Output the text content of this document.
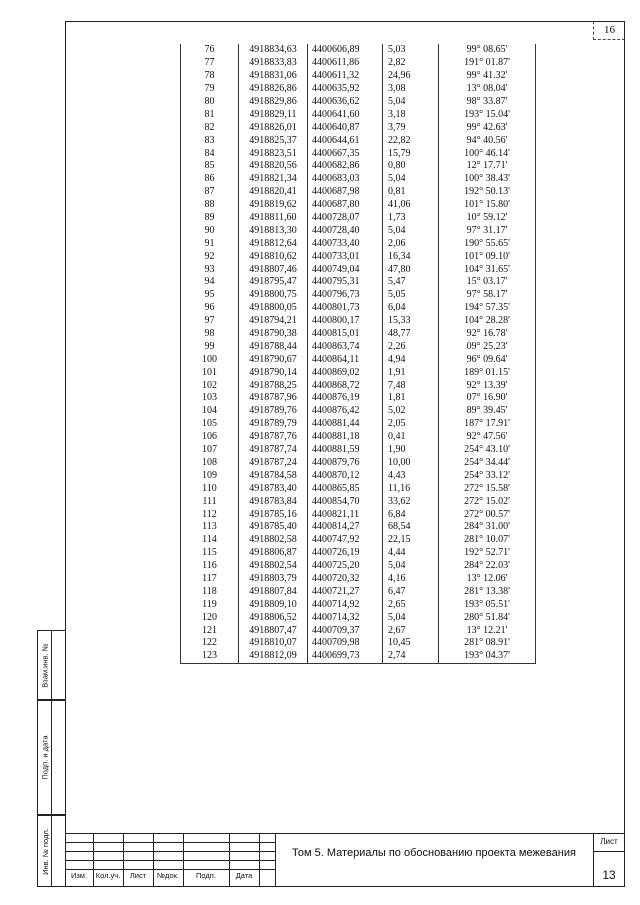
16
Взам.инв. №
Подп. и дата
Инв. № подл.
76	4918834,63	4400606,89	5,03	99° 08.65'
77	4918833,83	4400611,86	2,82	191° 01.87'
78	4918831,06	4400611,32	24,96	99° 41.32'
79	4918826,86	4400635,92	3,08	13° 08.04'
80	4918829,86	4400636,62	5,04	98° 33.87'
81	4918829,11	4400641,60	3,18	193° 15.04'
82	4918826,01	4400640,87	3,79	99° 42.63'
83	4918825,37	4400644,61	22,82	94° 40.56'
84	4918823,51	4400667,35	15,79	100° 46.14'
85	4918820,56	4400682,86	0,80	12° 17.71'
86	4918821,34	4400683,03	5,04	100° 38.43'
87	4918820,41	4400687,98	0,81	192° 50.13'
88	4918819,62	4400687,80	41,06	101° 15.80'
89	4918811,60	4400728,07	1,73	10° 59.12'
90	4918813,30	4400728,40	5,04	97° 31.17'
91	4918812,64	4400733,40	2,06	190° 55.65'
92	4918810,62	4400733,01	16,34	101° 09.10'
93	4918807,46	4400749,04	47,80	104° 31.65'
94	4918795,47	4400795,31	5,47	15° 03.17'
95	4918800,75	4400796,73	5,05	97° 58.17'
96	4918800,05	4400801,73	6,04	194° 57.35'
97	4918794,21	4400800,17	15,33	104° 28.28'
98	4918790,38	4400815,01	48,77	92° 16.78'
99	4918788,44	4400863,74	2,26	09° 25.23'
100	4918790,67	4400864,11	4,94	96° 09.64'
101	4918790,14	4400869,02	1,91	189° 01.15'
102	4918788,25	4400868,72	7,48	92° 13.39'
103	4918787,96	4400876,19	1,81	07° 16.90'
104	4918789,76	4400876,42	5,02	89° 39.45'
105	4918789,79	4400881,44	2,05	187° 17.91'
106	4918787,76	4400881,18	0,41	92° 47.56'
107	4918787,74	4400881,59	1,90	254° 43.10'
108	4918787,24	4400879,76	10,00	254° 34.44'
109	4918784,58	4400870,12	4,43	254° 33.12'
110	4918783,40	4400865,85	11,16	272° 15.58'
111	4918783,84	4400854,70	33,62	272° 15.02'
112	4918785,16	4400821,11	6,84	272° 00.57'
113	4918785,40	4400814,27	68,54	284° 31.00'
114	4918802,58	4400747,92	22,15	281° 10.07'
115	4918806,87	4400726,19	4,44	192° 52.71'
116	4918802,54	4400725,20	5,04	284° 22.03'
117	4918803,79	4400720,32	4,16	13° 12.06'
118	4918807,84	4400721,27	6,47	281° 13.38'
119	4918809,10	4400714,92	2,65	193° 05.51'
120	4918806,52	4400714,32	5,04	280° 51.84'
121	4918807,47	4400709,37	2,67	13° 12.21'
122	4918810,07	4400709,98	10,45	281° 08.91'
123	4918812,09	4400699,73	2,74	193° 04.37'
Изм.	Кол.уч.	Лист	№док.	Подп.	Дата
Том 5. Материалы по обоснованию проекта межевания
Лист
13
